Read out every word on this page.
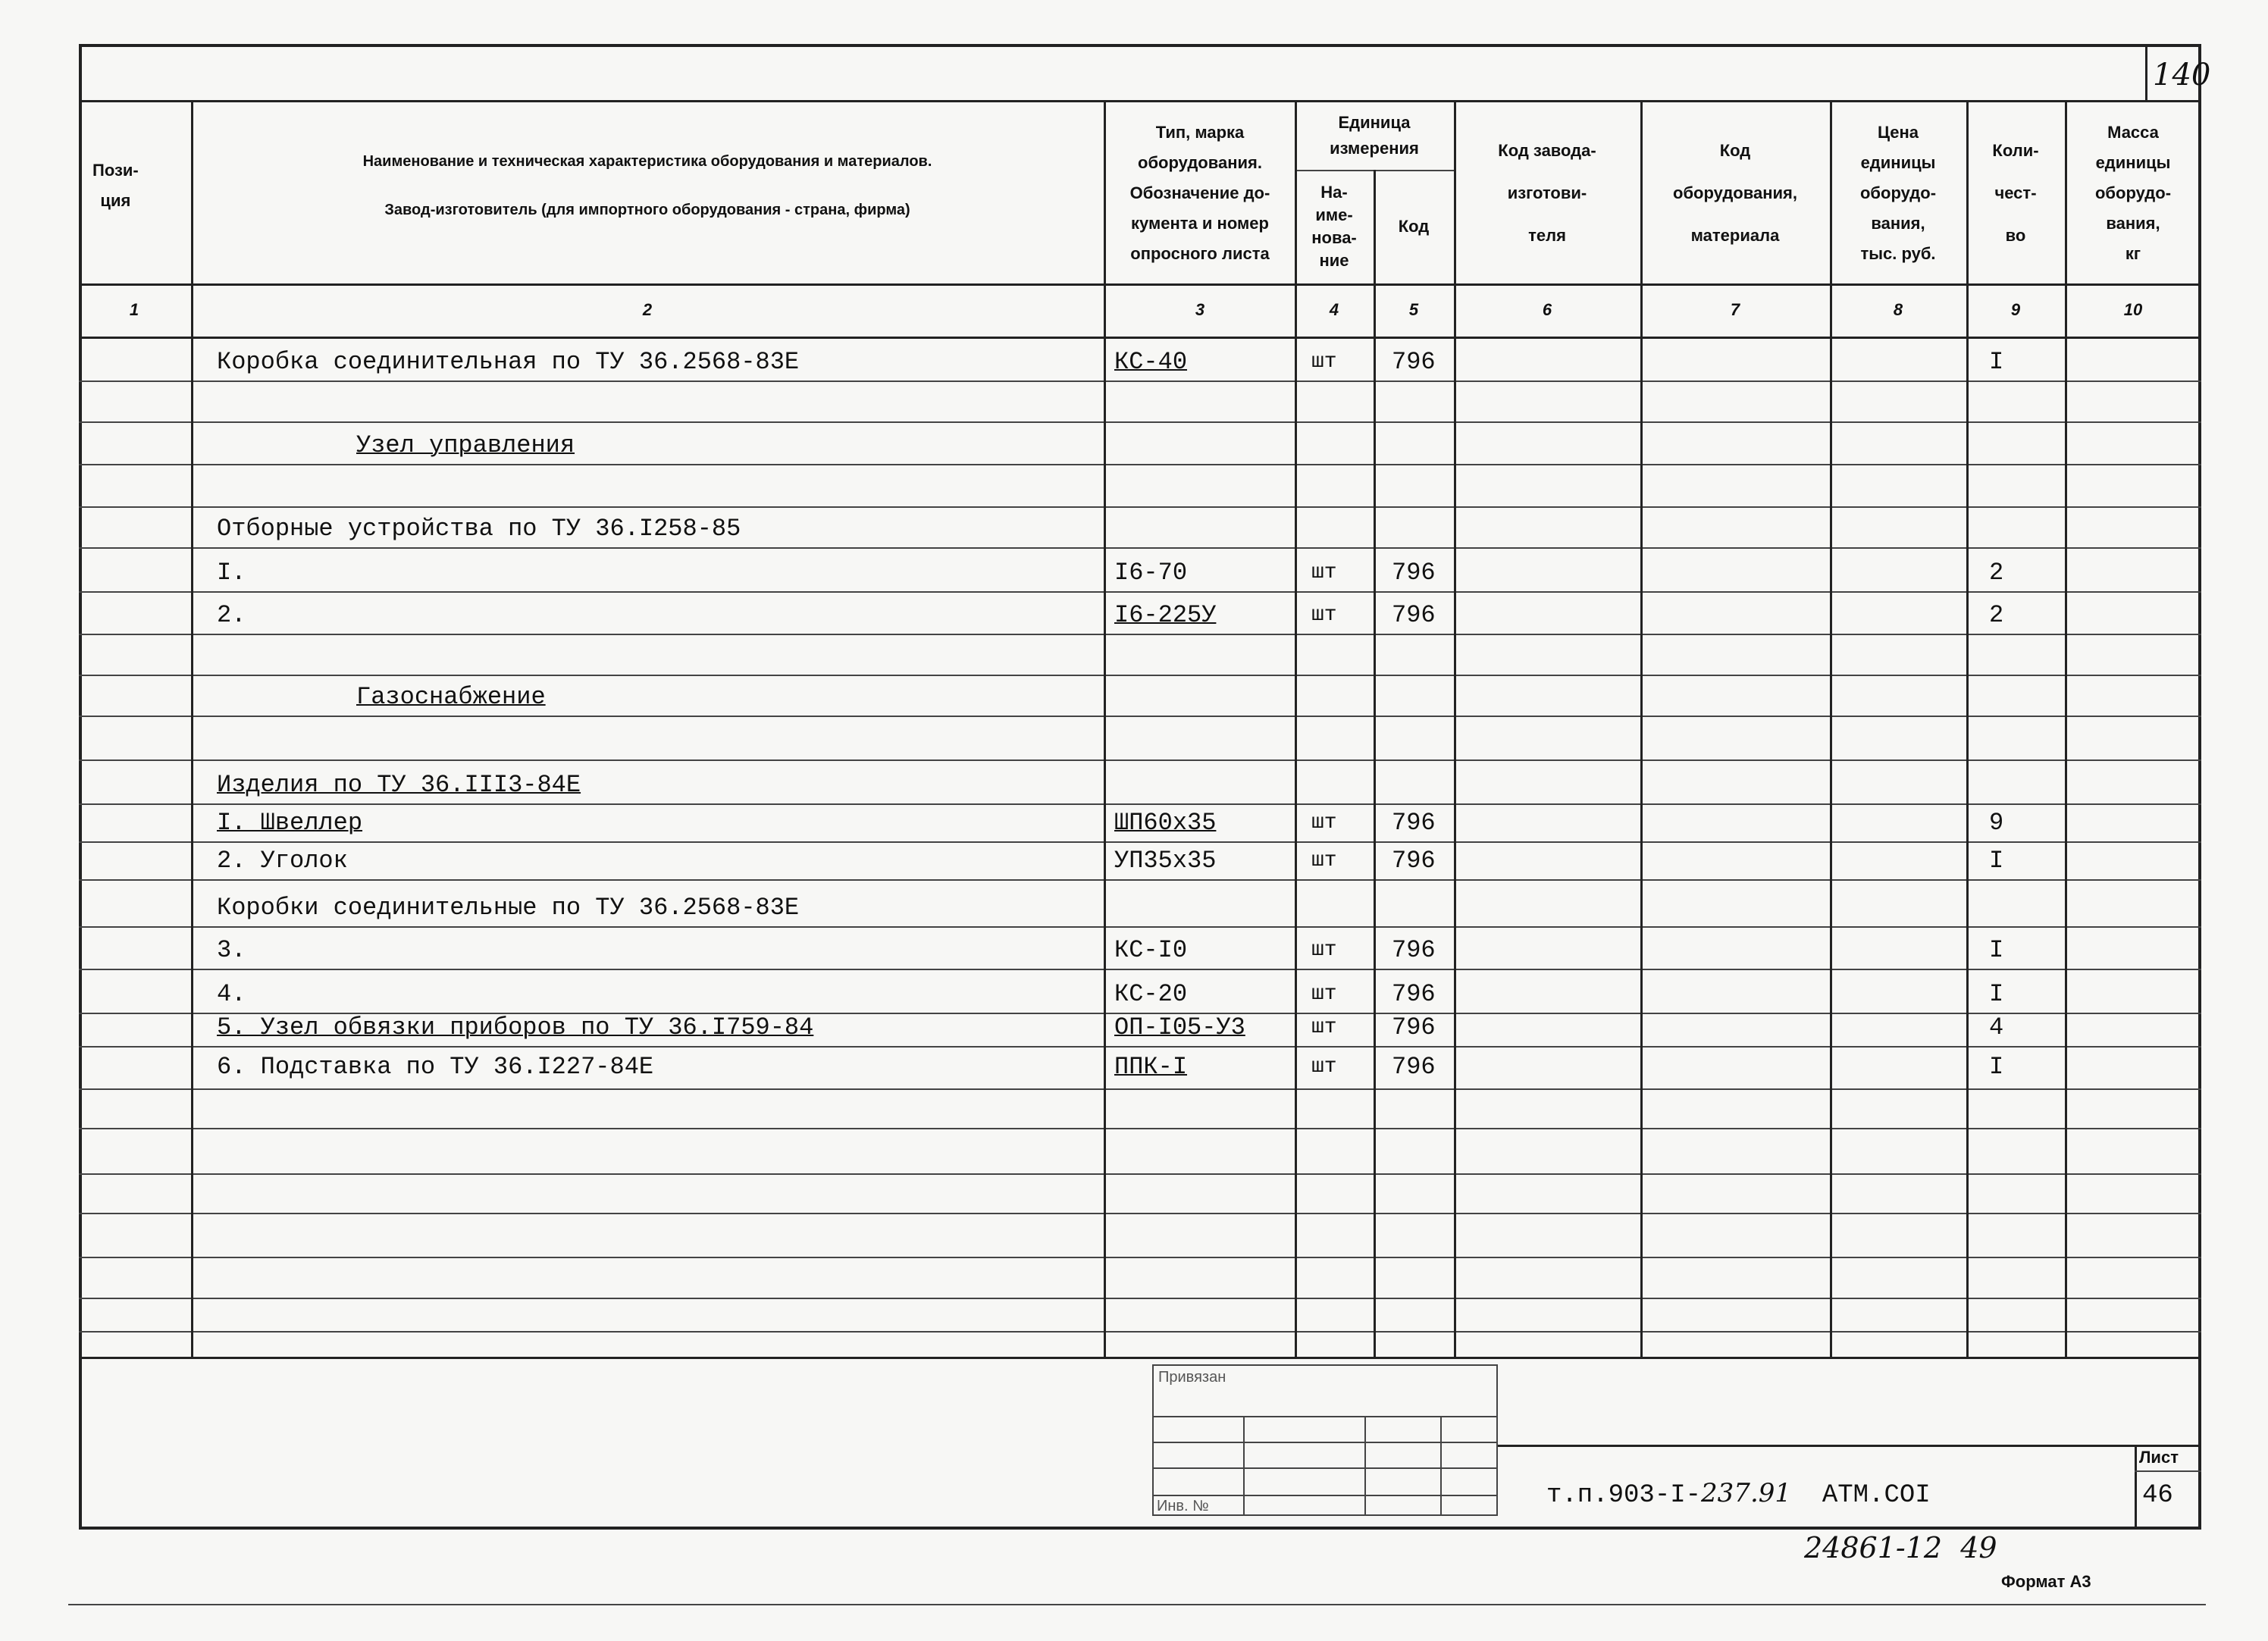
140
Пози-
ция
Наименование и техническая характеристика оборудования и материалов.
Завод-изготовитель (для импортного оборудования - страна, фирма)
Тип, марка
оборудования.
Обозначение до-
кумента и номер
опросного листа
Единица
измерения
На-
име-
нова-
ние
Код
Код завода-
изготови-
теля
Код
оборудования,
материала
Цена
единицы
оборудо-
вания,
тыс. руб.
Коли-
чест-
во
Масса
единицы
оборудо-
вания,
кг
1	2	3	4	5	6	7	8	9	10
Коробка соединительная по ТУ 36.2568-83Е	КС-40	шт 796	I
Узел управления
Отборные устройства по ТУ 36.I258-85
I.	I6-70	шт 796	2
2.	I6-225У	шт 796	2
Газоснабжение
Изделия по ТУ 36.III3-84Е
I. Швеллер	ШП60х35	шт 796	9
2. Уголок	УП35х35	шт 796	I
Коробки соединительные по ТУ 36.2568-83Е
3.	КС-I0	шт 796	I
4.	КС-20	шт 796	I
5. Узел обвязки приборов по ТУ 36.I759-84	ОП-I05-У3	шт 796	4
6. Подставка по ТУ 36.I227-84Е	ППК-I	шт 796	I
Привязан
Инв. №	т.п.903-I-237.91 АТМ.СОI
Лист
46
24861-12  49
Формат А3
